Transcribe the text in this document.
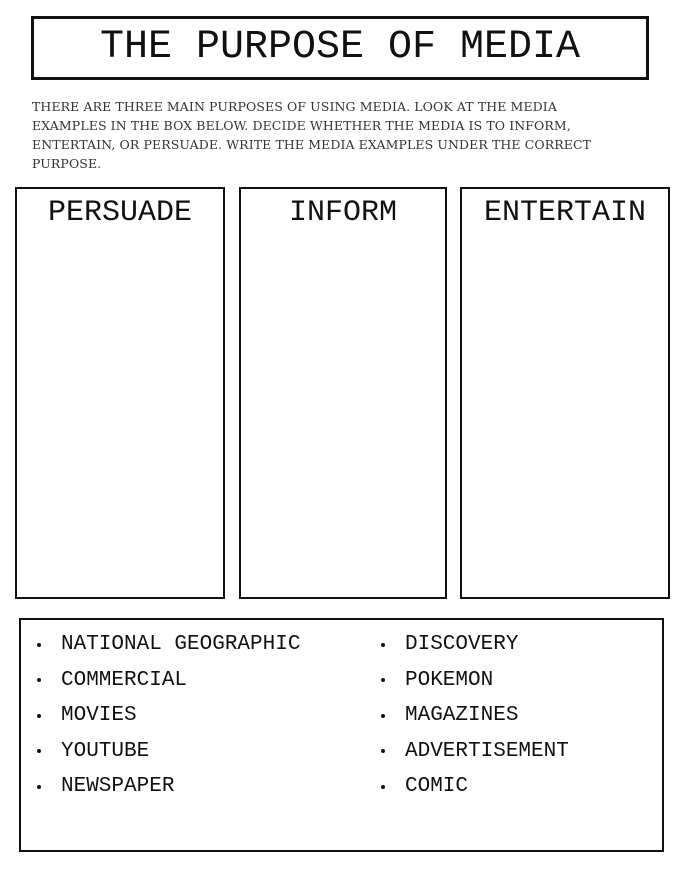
THE PURPOSE OF MEDIA

THERE ARE THREE MAIN PURPOSES OF USING MEDIA. LOOK AT THE MEDIA EXAMPLES IN THE BOX BELOW. DECIDE WHETHER THE MEDIA IS TO INFORM, ENTERTAIN, OR PERSUADE. WRITE THE MEDIA EXAMPLES UNDER THE CORRECT PURPOSE.

PERSUADE	INFORM	ENTERTAIN
NATIONAL GEOGRAPHIC
COMMERCIAL
MOVIES
YOUTUBE
NEWSPAPER
DISCOVERY
POKEMON
MAGAZINES
ADVERTISEMENT
COMIC
